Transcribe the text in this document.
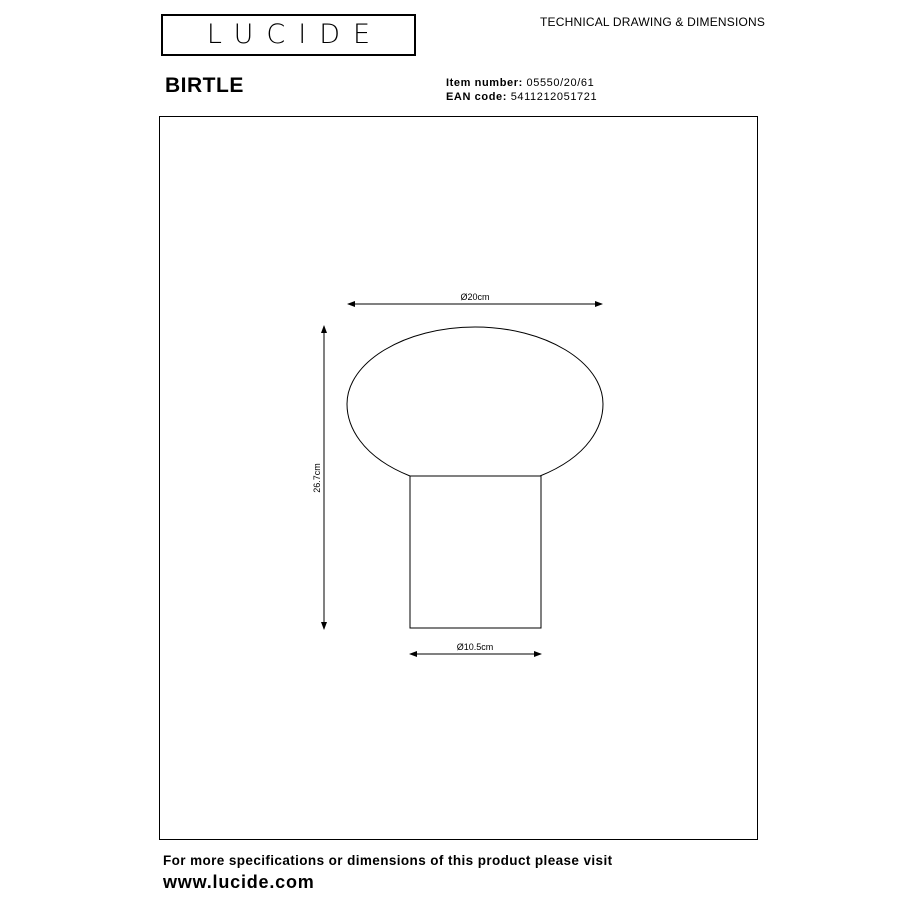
LUCIDE	TECHNICAL DRAWING & DIMENSIONS
BIRTLE	Item number: 05550/20/61
EAN code: 5411212051721
Ø20cm
26.7cm
Ø10.5cm
For more specifications or dimensions of this product please visit
www.lucide.com
